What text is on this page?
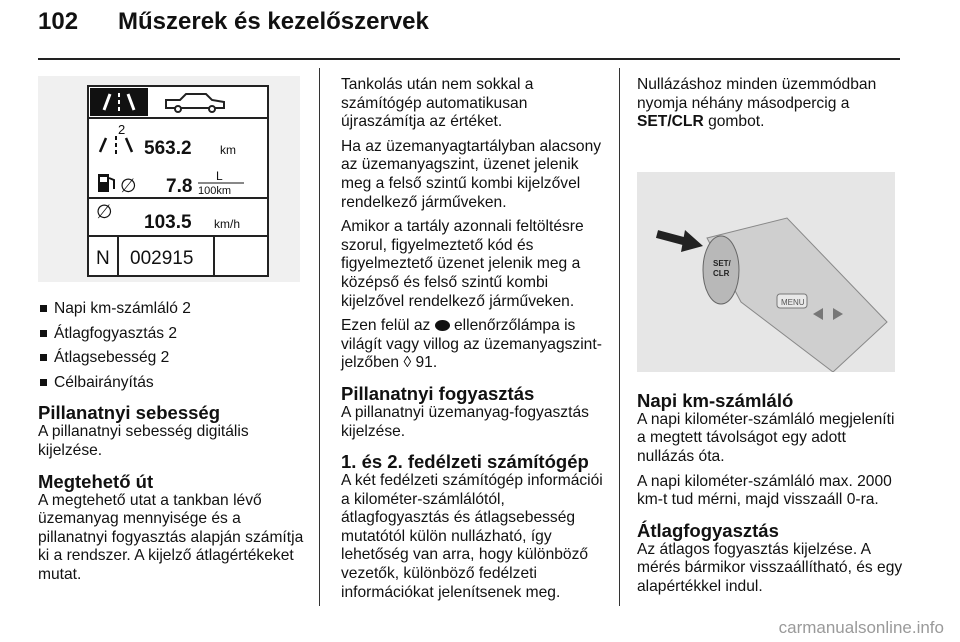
102 Műszerek és kezelőszervek
2
563.2 km
∅ 7.8 L
100km
∅ 103.5 km/h
N 002915
Napi km-számláló 2
Átlagfogyasztás 2
Átlagsebesség 2
Célbairányítás
Pillanatnyi sebesség

A pillanatnyi sebesség digitális kijelzése.

Megtehető út

A megtehető utat a tankban lévő üzemanyag mennyisége és a pillanatnyi fogyasztás alapján számítja ki a rendszer. A kijelző átlagértékeket mutat.

Tankolás után nem sokkal a számítógép automatikusan újraszámítja az értéket.

Ha az üzemanyagtartályban alacsony az üzemanyagszint, üzenet jelenik meg a felső szintű kombi kijelzővel rendelkező járműveken.

Amikor a tartály azonnali feltöltésre szorul, figyelmeztető kód és figyelmeztető üzenet jelenik meg a középső és felső szintű kombi kijelzővel rendelkező járműveken.

Ezen felül az ellenőrzőlámpa is világít vagy villog az üzemanyagszint-jelzőben ◊ 91.

Pillanatnyi fogyasztás

A pillanatnyi üzemanyag-fogyasztás kijelzése.

1. és 2. fedélzeti számítógép

A két fedélzeti számítógép információi a kilométer-számlálótól, átlagfogyasztás és átlagsebesség mutatótól külön nullázható, így lehetőség van arra, hogy különböző vezetők, különböző fedélzeti információkat jelenítsenek meg.

Nullázáshoz minden üzemmódban nyomja néhány másodpercig a SET/CLR gombot.

SET/
CLR
MENU
Napi km-számláló

A napi kilométer-számláló megjeleníti a megtett távolságot egy adott nullázás óta.

A napi kilométer-számláló max. 2000 km-t tud mérni, majd visszaáll 0-ra.

Átlagfogyasztás

Az átlagos fogyasztás kijelzése. A mérés bármikor visszaállítható, és egy alapértékkel indul.

carmanualsonline.info
